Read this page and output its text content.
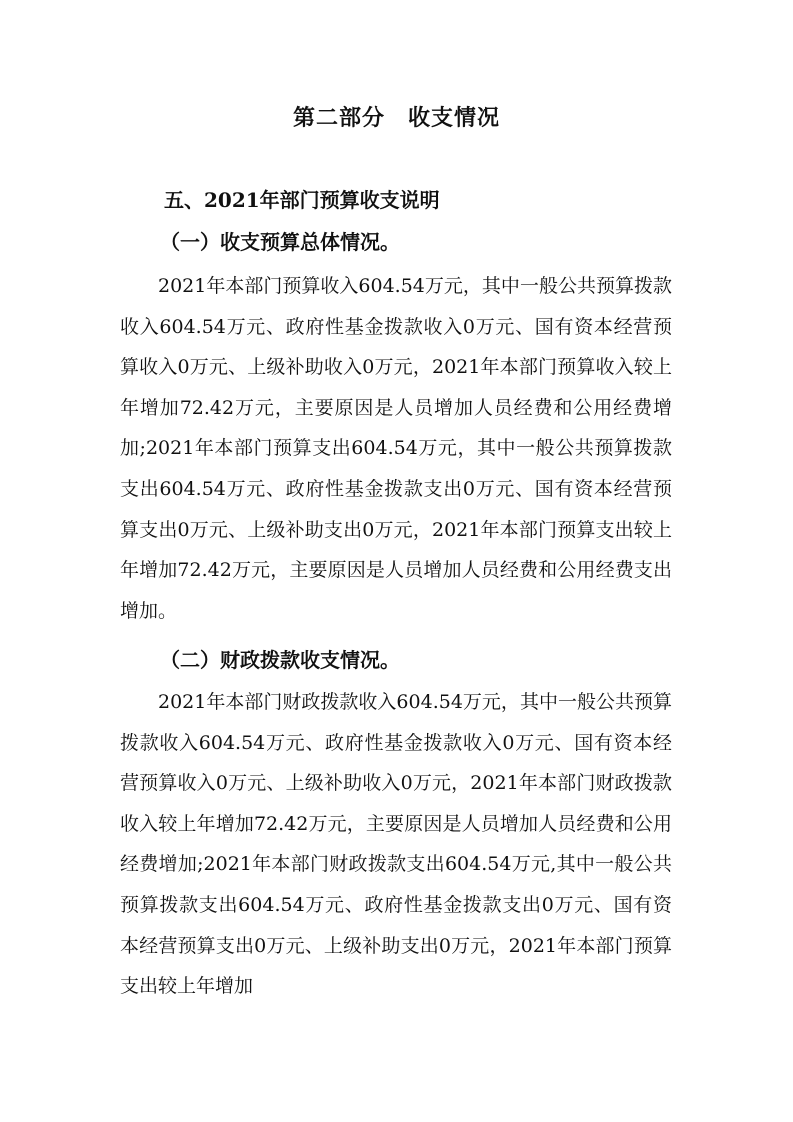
第二部分　收支情况
五、2021年部门预算收支说明
（一）收支预算总体情况。
2021年本部门预算收入604.54万元，其中一般公共预算拨款收入604.54万元、政府性基金拨款收入0万元、国有资本经营预算收入0万元、上级补助收入0万元，2021年本部门预算收入较上年增加72.42万元，主要原因是人员增加人员经费和公用经费增加;2021年本部门预算支出604.54万元，其中一般公共预算拨款支出604.54万元、政府性基金拨款支出0万元、国有资本经营预算支出0万元、上级补助支出0万元，2021年本部门预算支出较上年增加72.42万元，主要原因是人员增加人员经费和公用经费支出增加。
（二）财政拨款收支情况。
2021年本部门财政拨款收入604.54万元，其中一般公共预算拨款收入604.54万元、政府性基金拨款收入0万元、国有资本经营预算收入0万元、上级补助收入0万元，2021年本部门财政拨款收入较上年增加72.42万元，主要原因是人员增加人员经费和公用经费增加;2021年本部门财政拨款支出604.54万元,其中一般公共预算拨款支出604.54万元、政府性基金拨款支出0万元、国有资本经营预算支出0万元、上级补助支出0万元，2021年本部门预算支出较上年增加
